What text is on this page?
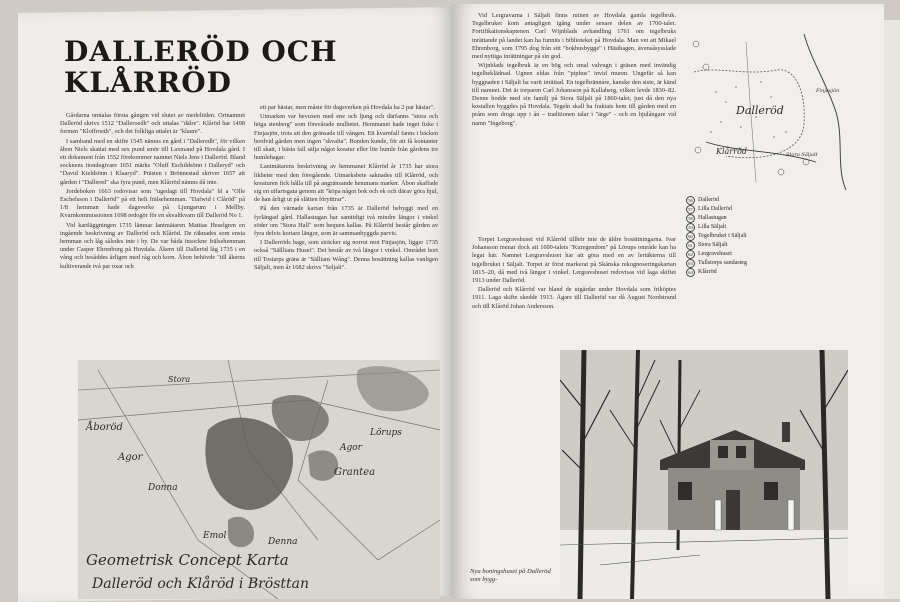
DALLERÖD OCH KLÅRRÖD

Gårdarna omtalas första gången vid slutet av medeltiden. Ortnamnet Dalleröd skrivs 1512 "Dalleroedh" och uttalas "dälre". Klåröd har 1498 formen "Kloffroeth", och det folkliga uttalet är "klaure".

I samband med en skifte 1545 nämns en gård i "Dalleredh", för vilken åbon Niels skattat med sex pund smör till Laxmand på Hovdala gård. I ett dokument från 1552 förekommer namnet Niels Jens i Dalleröd. Bland socknens tiondegivare 1651 märks "Oluff Eschildsönn i Dalleryd" och "David Kieldsönn i Klaaryd". Prästen i Brönnestad skriver 1657 att gården i "Dallered" ska fyra pund, men Klårröd nämns då inte.

Jordeboken 1663 redovisar som "ugedagi till Hovdala" bl a "Olle Eschelsson i Dalleröd" på ett helt frälsehemman. "Dafwid i Clåröd" på 1/8 hemman hade dagsverke på Ljungarum i Mellby. Kvarnkommissionen 1698 redogör för en skvaltkvarn till Dalleröd No 1.

Vid kartläggningen 1735 lämnar lantmätaren Mattias Heselgren en ingående beskrivning av Dalleröd och Klåröd. De räknades som ensta hemman och låg således inte i by. De var båda insockne frälsehemman under Casper Ehrenborg på Hovdala. Åkern till Dalleröd låg 1735 i en vång och besåddes årligen med råg och korn. Åbon behövde "till åkerns kultiverande två par oxar och

ett par hästar, men måste för dagsverken på Hovdala ha 2 par hästar".

Utmarken var bevuxen med ene och ljung och därfanns "stora och höga stenberg" som försvårade mulbetet. Hemmanet hade inget fiske i Finjasjön, trots att den gränsade till vången. Ett kvarnfall fanns i bäcken bredvid gården men ingen "skvalta". Bonden kunde, för att få kontanter till skatt, i bästa fall sälja något kreatur eller lite humle från gårdens tre humlehagar.

Lantmätarens beskrivning av hemmanet Klårröd år 1735 har stora likheter med den föregående. Utmarksbete saknades till Klårröd, och kreaturen fick hålla till på angränsande hemmans marker. Åbon skaffade sig en utfartsgata genom att "köpa något bok och ek och därav göra hjul, de han årligt ut på slätten förytttrar".

På den värnade kartan från 1735 är Dalleröd bebyggt med en fyrlängad gård. Hallastugan har samtidigt två mindre längor i vinkel söder om "Stora Hall" som bequen kallas. På Klårröd består gården av fyra delvis kortare längor, som är sammanbyggda parvis.

I Dallerröds hage, som sträcker sig norrut mot Finjasjön, ligger 1735 också "Sälllians Huset". Det består av två längor i vinkel. Området bort till Tostarps gräns är "Sällians Wång". Denna bosättning kallas vanligen Säljalt, men år 1682 skrivs "Seljalt".

Vid Lergravarna i Säljalt finns ruinen av Hovdala gamla tegelbruk. Tegelbruket kom antagligen igång under senare delen av 1700-talet. Fortifikationskaptenen Carl Wijnblads avhandling 1761 om tegelbruks inrättande på landet kan ha funnits i biblioteket på Hovdala. Man vet att Mikael Ehrenborg, som 1795 dog från sitt "bokbusbygge" i Hästhagen, ävensåsysslade med nyttiga inrättningar på sin god.

Wijnblads tegelbruk är en bög och smal valvugn i gräsen med invändig tegelbeklädnad. Ugnen eldas från "piphus" invid muren. Ungefär så kan byggnaden i Säljalt ha varit inrättad. En tegelbrännare, kanske den siste, är känd till namnet. Det är torparen Carl Johansson på Kullaberg, vilken levde 1830–82. Denne hodde med sin familj på Stora Säljalt på 1860-talet, just då den nya kostallen byggdes på Hovdala. Tegeln skall ha fraktats hem till gården med en pråm som drogs upp i ån – traditionen talar i "ärge" - och en hjulångare vid namn "Ingeborg".

Torpet Lergravshuset vid Klårröd tillhör inte de äldre bosättningarna. Ivar Johansson menar dock att 1600-talets "Kuregendom" på Lörups område kan ha legat här. Namnet Lergravshuset har att göra med en av lertäkterna till tegelbruket i Säljalt. Torpet är först markerat på Skånska rekognoseringskartan 1815–20, då med två längor i vinkel. Lergravshuset redovisas vid laga skiftet 1913 under Dalleröd.

Dalleröd och Klårröd var bland de utgårdar under Hovdala som friköptes 1911. Laga skifte skedde 1913. Ägare till Dalleröd var då August Nordstrand och till Klåröd Johan Andersson.

Dalleröd
Klårröd
Finjasjön
Stora Säljalt
56 Dalleröd
57 Lilla Dalleröd
58 Hallastugan
59 Lilla Säljalt
60 Tegelbruket i Säljalt
61 Stora Säljalt
62 Lergravshuset
63 Tullstorps sandasteg
64 Klårröd
Åboröd
Agor
Donna
Grantea
Lörups
Agor
Denna
Emol
Stora
Geometrisk Concept Karta
Dalleröd och Klåröd i Brösttan
Nya boningshuset på Dalleröd som bygg-
